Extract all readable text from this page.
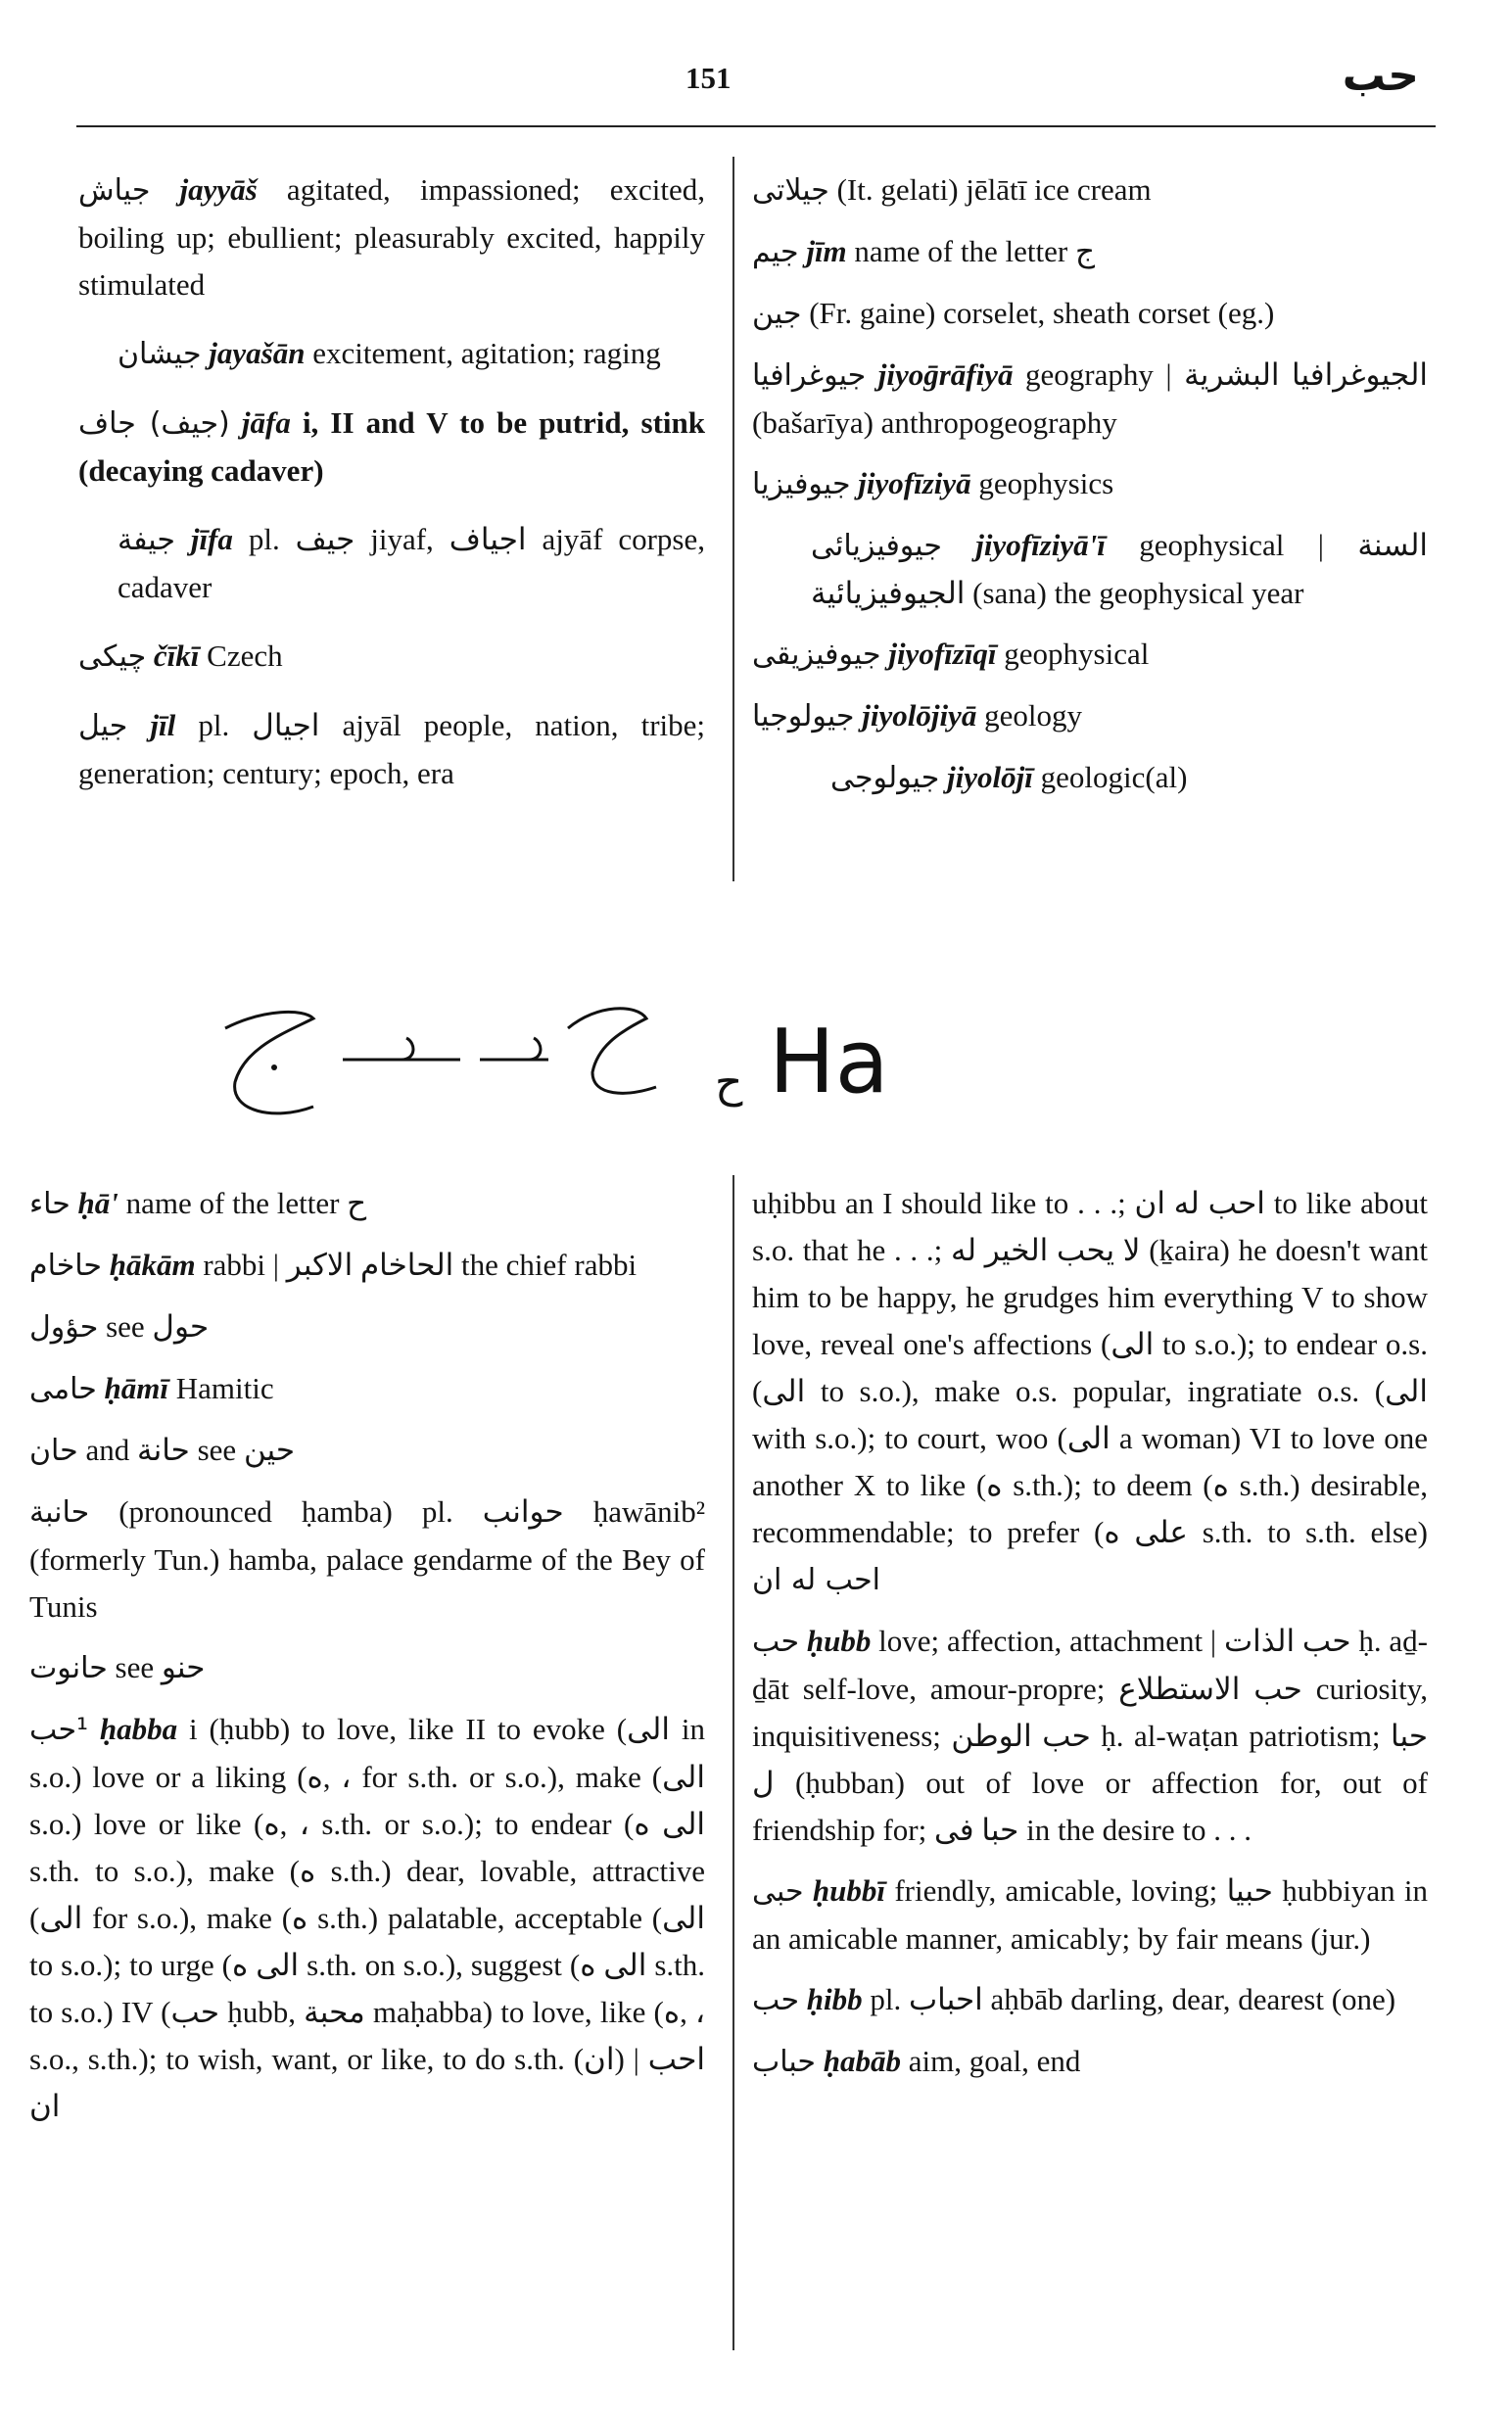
151	حب

جياش jayyāš agitated, impassioned; excited, boiling up; ebullient; pleasurably excited, happily stimulated

جيشان jayašān excitement, agitation; raging

(جيف) جاف jāfa i, II and V to be putrid, stink (decaying cadaver)

جيفة jīfa pl. جيف jiyaf, اجياف ajyāf corpse, cadaver

چيكى čīkī Czech

جيل jīl pl. اجيال ajyāl people, nation, tribe; generation; century; epoch, era

جيلاتى (It. gelati) jēlātī ice cream

جيم jīm name of the letter ج

جين (Fr. gaine) corselet, sheath corset (eg.)

جيوغرافيا jiyoḡrāfiyā geography | الجيوغرافيا البشرية (bašarīya) anthropogeography

جيوفيزيا jiyofīziyā geophysics

جيوفيزيائى jiyofīziyā'ī geophysical | السنة الجيوفيزيائية (sana) the geophysical year

جيوفيزيقى jiyofīzīqī geophysical

جيولوجيا jiyolōjiyā geology

جيولوجى jiyolōjī geologic(al)

ح Ha

حاء ḥā' name of the letter ح

حاخام ḥākām rabbi | الحاخام الاكبر the chief rabbi

حؤول see حول

حامى ḥāmī Hamitic

حان and حانة see حين

حانبة (pronounced ḥamba) pl. حوانب ḥawānib² (formerly Tun.) hamba, palace gendarme of the Bey of Tunis

حانوت see حنو

¹حب ḥabba i (ḥubb) to love, like II to evoke (الى in s.o.) love or a liking (ه, ، for s.th. or s.o.), make (الى s.o.) love or like (ه, ، s.th. or s.o.); to endear (الى ه s.th. to s.o.), make (ه s.th.) dear, lovable, attractive (الى for s.o.), make (ه s.th.) palatable, acceptable (الى to s.o.); to urge (الى ه s.th. on s.o.), suggest (الى ه s.th. to s.o.) IV (حب ḥubb, محبة maḥabba) to love, like (ه, ، s.o., s.th.); to wish, want, or like, to do s.th. (ان) | احب ان

uḥibbu an I should like to . . .; احب له ان to like about s.o. that he . . .; لا يحب الخير له (ḵaira) he doesn't want him to be happy, he grudges him everything V to show love, reveal one's affections (الى to s.o.); to endear o.s. (الى to s.o.), make o.s. popular, ingratiate o.s. (الى with s.o.); to court, woo (الى a woman) VI to love one another X to like (ه s.th.); to deem (ه s.th.) desirable, recommendable; to prefer (على ه s.th. to s.th. else) احب له ان

حب ḥubb love; affection, attachment | حب الذات ḥ. aḏ-ḏāt self-love, amour-propre; حب الاستطلاع curiosity, inquisitiveness; حب الوطن ḥ. al-waṭan patriotism; حبا ل (ḥubban) out of love or affection for, out of friendship for; حبا فى in the desire to . . .

حبى ḥubbī friendly, amicable, loving; حبيا ḥubbiyan in an amicable manner, amicably; by fair means (jur.)

حب ḥibb pl. احباب aḥbāb darling, dear, dearest (one)

حباب ḥabāb aim, goal, end
